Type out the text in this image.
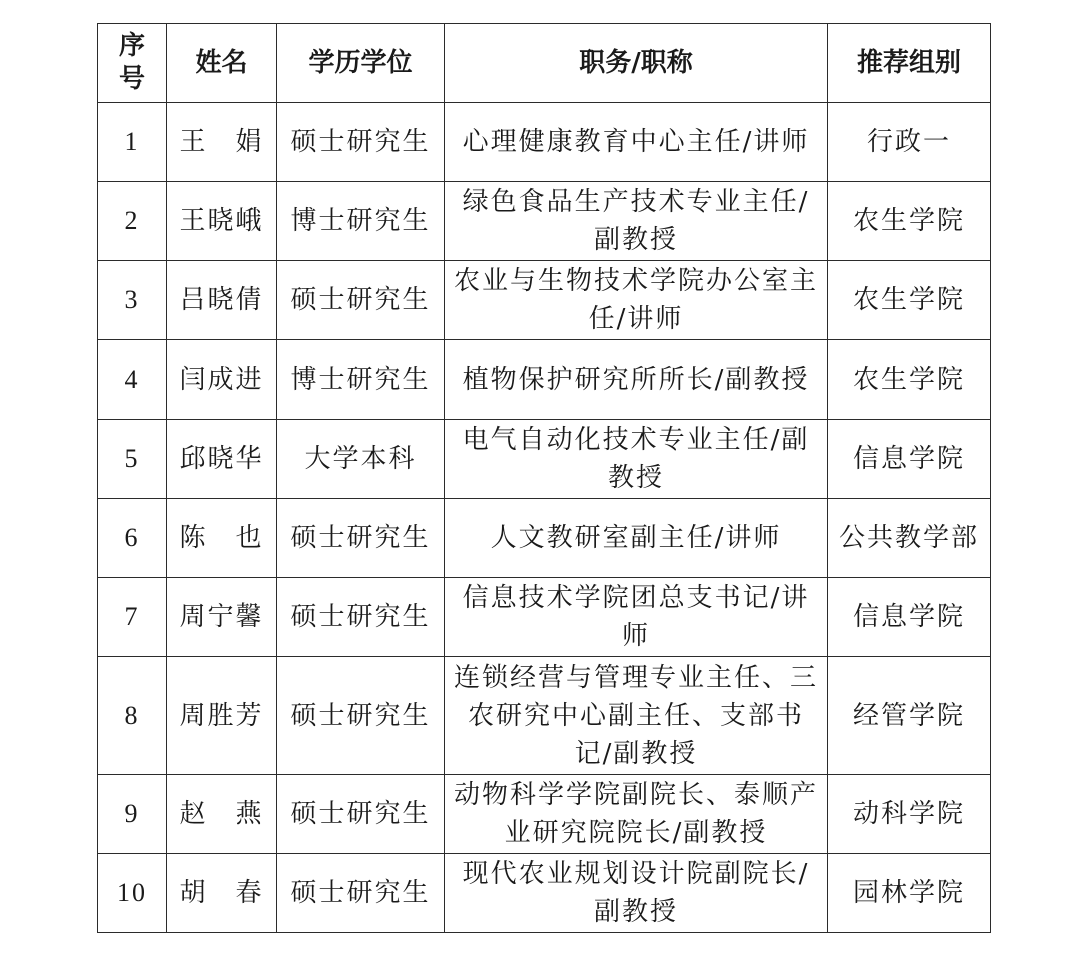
序号	姓名	学历学位	职务/职称	推荐组别
1	王　娟	硕士研究生	心理健康教育中心主任/讲师	行政一
2	王晓峨	博士研究生	绿色食品生产技术专业主任/副教授	农生学院
3	吕晓倩	硕士研究生	农业与生物技术学院办公室主任/讲师	农生学院
4	闫成进	博士研究生	植物保护研究所所长/副教授	农生学院
5	邱晓华	大学本科	电气自动化技术专业主任/副教授	信息学院
6	陈　也	硕士研究生	人文教研室副主任/讲师	公共教学部
7	周宁馨	硕士研究生	信息技术学院团总支书记/讲师	信息学院
8	周胜芳	硕士研究生	连锁经营与管理专业主任、三农研究中心副主任、支部书记/副教授	经管学院
9	赵　燕	硕士研究生	动物科学学院副院长、泰顺产业研究院院长/副教授	动科学院
10	胡　春	硕士研究生	现代农业规划设计院副院长/副教授	园林学院
